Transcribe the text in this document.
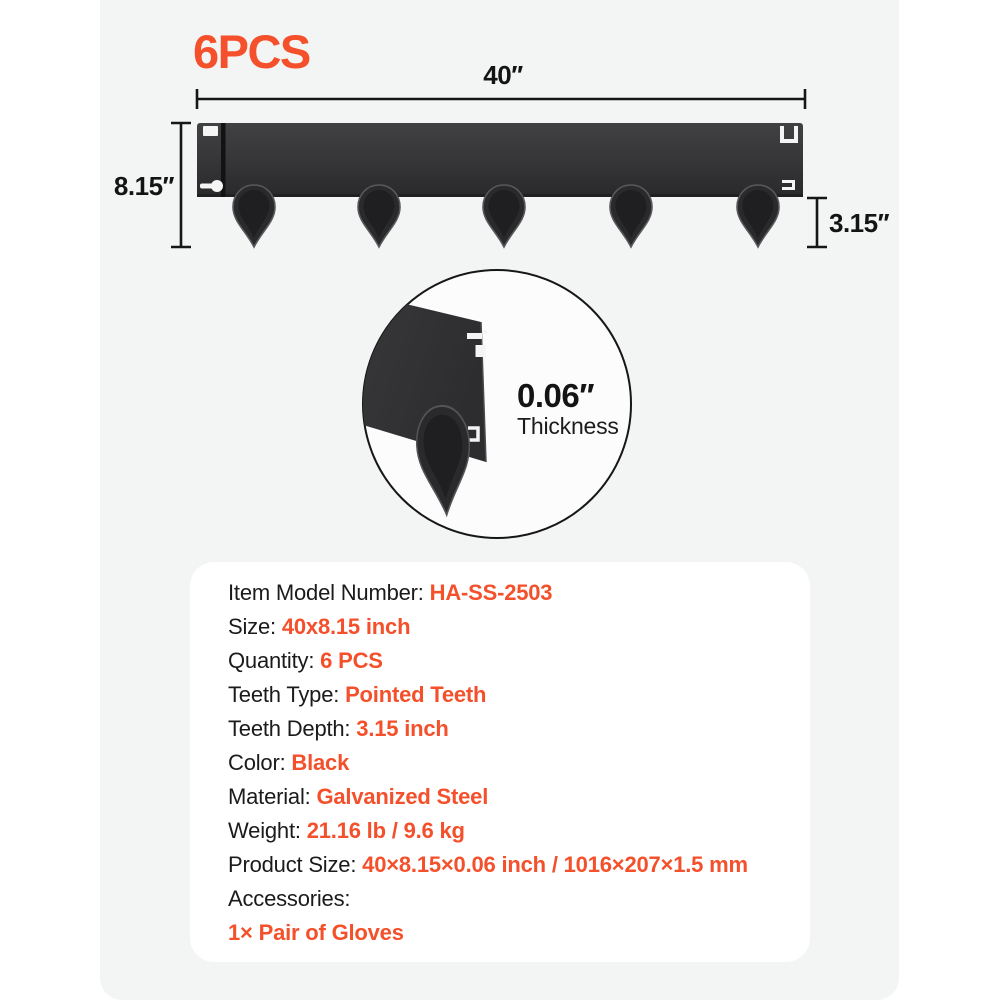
6PCS	40′′
8.15′′
3.15′′
0.06′′
Thickness
Item Model Number: HA-SS-2503
Size: 40x8.15 inch
Quantity: 6 PCS
Teeth Type: Pointed Teeth
Teeth Depth: 3.15 inch
Color: Black
Material: Galvanized Steel
Weight: 21.16 lb / 9.6 kg
Product Size: 40×8.15×0.06 inch / 1016×207×1.5 mm
Accessories:
1× Pair of Gloves
